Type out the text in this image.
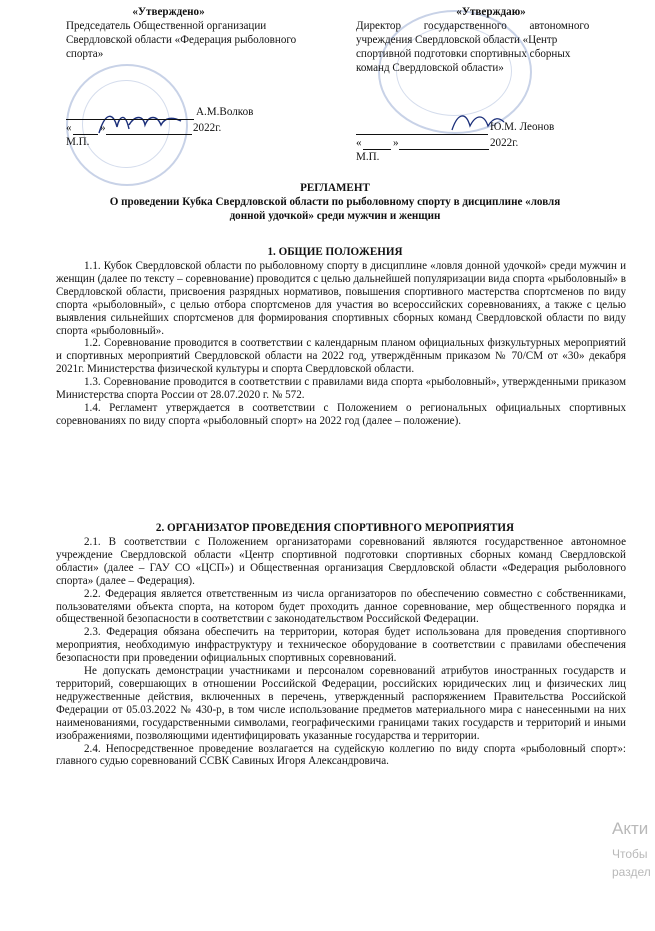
«Утверждено»
Председатель Общественной организации
Свердловской области «Федерация рыболовного
спорта»
А.М.Волков
«	»	2022г.
М.П.
«Утверждаю»
Директор государственного автономного
учреждения Свердловской области «Центр
спортивной подготовки спортивных сборных
команд Свердловской области»
Ю.М. Леонов
«	»	2022г.
М.П.
РЕГЛАМЕНТ
О проведении Кубка Свердловской области по рыболовному спорту в дисциплине «ловля
донной удочкой» среди мужчин и женщин
1. ОБЩИЕ ПОЛОЖЕНИЯ

1.1. Кубок Свердловской области по рыболовному спорту в дисциплине «ловля донной удочкой» среди мужчин и женщин (далее по тексту – соревнование) проводится с целью дальнейшей популяризации вида спорта «рыболовный» в Свердловской области, присвоения разрядных нормативов, повышения спортивного мастерства спортсменов по виду спорта «рыболовный», с целью отбора спортсменов для участия во всероссийских соревнованиях, а также с целью выявления сильнейших спортсменов для формирования спортивных сборных команд Свердловской области по виду спорта «рыболовный».

1.2. Соревнование проводится в соответствии с календарным планом официальных физкультурных мероприятий и спортивных мероприятий Свердловской области на 2022 год, утверждённым приказом № 70/СМ от «30» декабря 2021г. Министерства физической культуры и спорта Свердловской области.

1.3. Соревнование проводится в соответствии с правилами вида спорта «рыболовный», утвержденными приказом Министерства спорта России от 28.07.2020 г. № 572.

1.4. Регламент утверждается в соответствии с Положением о региональных официальных спортивных соревнованиях по виду спорта «рыболовный спорт» на 2022 год (далее – положение).

2. ОРГАНИЗАТОР ПРОВЕДЕНИЯ СПОРТИВНОГО МЕРОПРИЯТИЯ

2.1. В соответствии с Положением организаторами соревнований являются государственное автономное учреждение Свердловской области «Центр спортивной подготовки спортивных сборных команд Свердловской области» (далее – ГАУ СО «ЦСП») и Общественная организация Свердловской области «Федерация рыболовного спорта» (далее – Федерация).

2.2. Федерация является ответственным из числа организаторов по обеспечению совместно с собственниками, пользователями объекта спорта, на котором будет проходить данное соревнование, мер общественного порядка и общественной безопасности в соответствии с законодательством Российской Федерации.

2.3. Федерация обязана обеспечить на территории, которая будет использована для проведения спортивного мероприятия, необходимую инфраструктуру и техническое оборудование в соответствии с правилами обеспечения безопасности при проведении официальных спортивных соревнований.

Не допускать демонстрации участниками и персоналом соревнований атрибутов иностранных государств и территорий, совершающих в отношении Российской Федерации, российских юридических лиц и физических лиц недружественные действия, включенных в перечень, утвержденный распоряжением Правительства Российской Федерации от 05.03.2022 № 430-р, в том числе использование предметов материального мира с нанесенными на них наименованиями, государственными символами, географическими границами таких государств и территорий и иными изображениями, позволяющими идентифицировать указанные государства и территории.

2.4. Непосредственное проведение возлагается на судейскую коллегию по виду спорта «рыболовный спорт»: главного судью соревнований ССВК Савиных Игоря Александровича.

Акти
Чтобы
раздел
